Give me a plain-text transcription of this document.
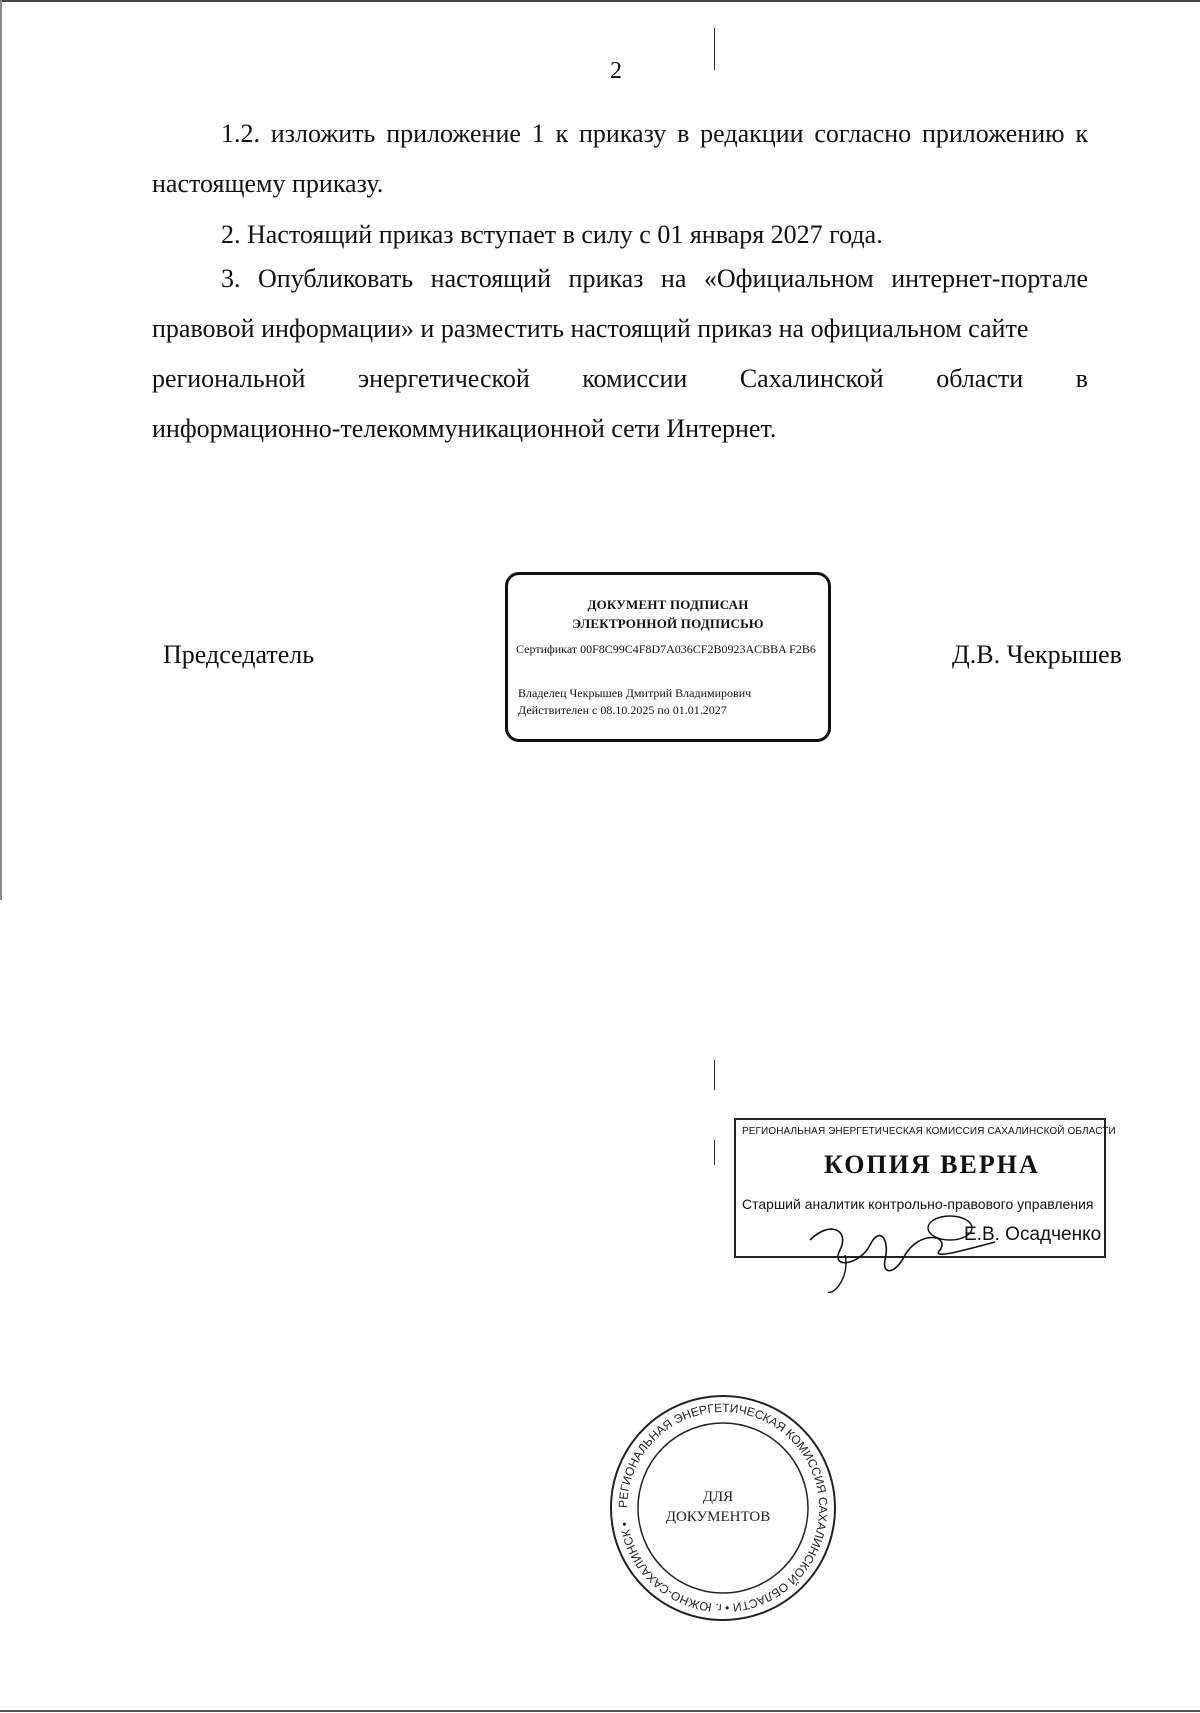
2
1.2. изложить приложение 1 к приказу в редакции согласно приложению к настоящему приказу.
2. Настоящий приказ вступает в силу с 01 января 2027 года.
3. Опубликовать настоящий приказ на «Официальном интернет-портале правовой информации» и разместить настоящий приказ на официальном сайте
региональной энергетической комиссии Сахалинской области в
информационно-телекоммуникационной сети Интернет.
Председатель	Д.В. Чекрышев
ДОКУМЕНТ ПОДПИСАН
ЭЛЕКТРОННОЙ ПОДПИСЬЮ
Сертификат 00F8C99C4F8D7A036CF2B0923ACBBA F2B6
Владелец Чекрышев Дмитрий Владимирович
Действителен с 08.10.2025 по 01.01.2027
РЕГИОНАЛЬНАЯ ЭНЕРГЕТИЧЕСКАЯ КОМИССИЯ САХАЛИНСКОЙ ОБЛАСТИ • г. ЮЖНО-САХАЛИНСК •
ДЛЯ
ДОКУМЕНТОВ
РЕГИОНАЛЬНАЯ ЭНЕРГЕТИЧЕСКАЯ КОМИССИЯ САХАЛИНСКОЙ ОБЛАСТИ
КОПИЯ ВЕРНА
Старший аналитик контрольно-правового управления
Е.В. Осадченко
